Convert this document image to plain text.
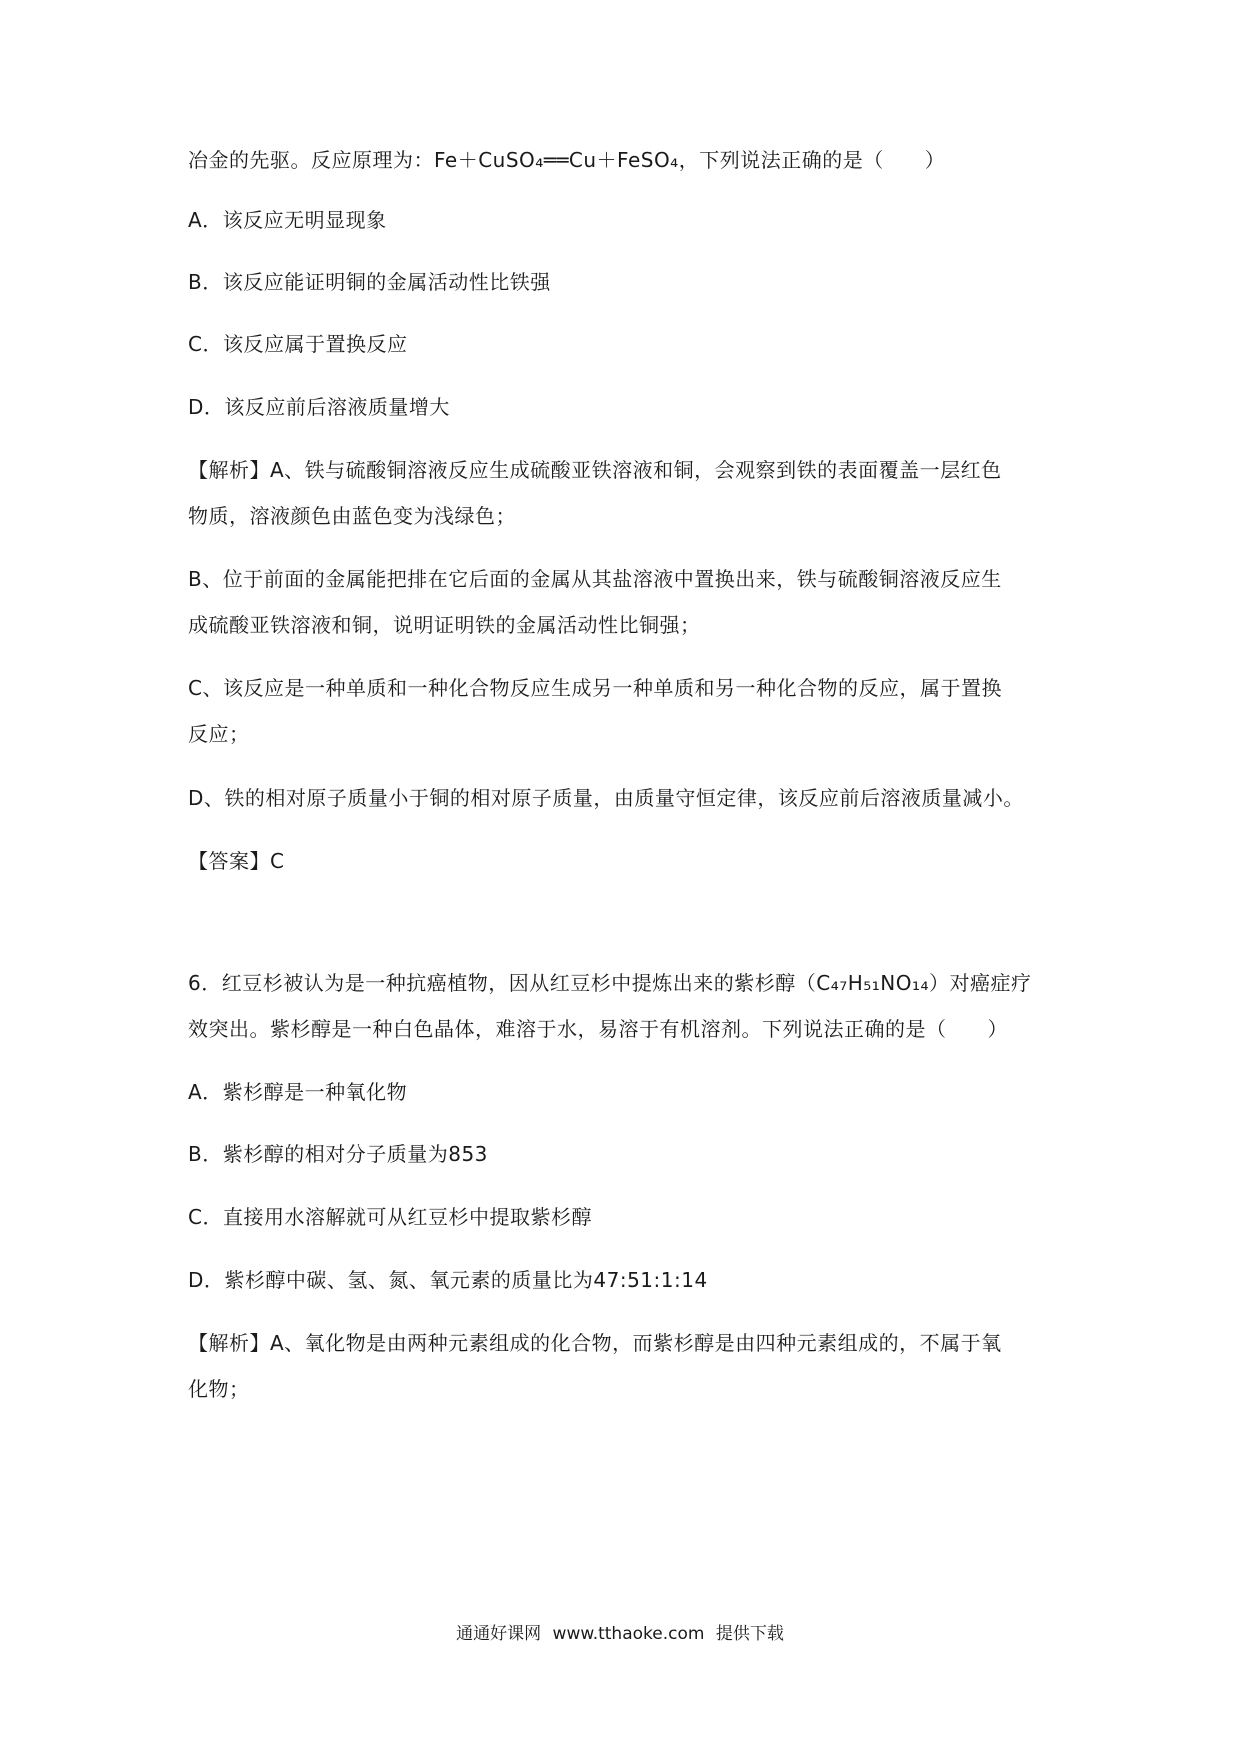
冶金的先驱。反应原理为：Fe＋CuSO₄══Cu＋FeSO₄，下列说法正确的是（　　）
A．该反应无明显现象
B．该反应能证明铜的金属活动性比铁强
C．该反应属于置换反应
D．该反应前后溶液质量增大
【解析】A、铁与硫酸铜溶液反应生成硫酸亚铁溶液和铜，会观察到铁的表面覆盖一层红色
物质，溶液颜色由蓝色变为浅绿色；
B、位于前面的金属能把排在它后面的金属从其盐溶液中置换出来，铁与硫酸铜溶液反应生
成硫酸亚铁溶液和铜，说明证明铁的金属活动性比铜强；
C、该反应是一种单质和一种化合物反应生成另一种单质和另一种化合物的反应，属于置换
反应；
D、铁的相对原子质量小于铜的相对原子质量，由质量守恒定律，该反应前后溶液质量减小。
【答案】C
6．红豆杉被认为是一种抗癌植物，因从红豆杉中提炼出来的紫杉醇（C₄₇H₅₁NO₁₄）对癌症疗
效突出。紫杉醇是一种白色晶体，难溶于水，易溶于有机溶剂。下列说法正确的是（　　）
A．紫杉醇是一种氧化物
B．紫杉醇的相对分子质量为853
C．直接用水溶解就可从红豆杉中提取紫杉醇
D．紫杉醇中碳、氢、氮、氧元素的质量比为47:51:1:14
【解析】A、氧化物是由两种元素组成的化合物，而紫杉醇是由四种元素组成的，不属于氧
化物；
通通好课网 www.tthaoke.com 提供下载
